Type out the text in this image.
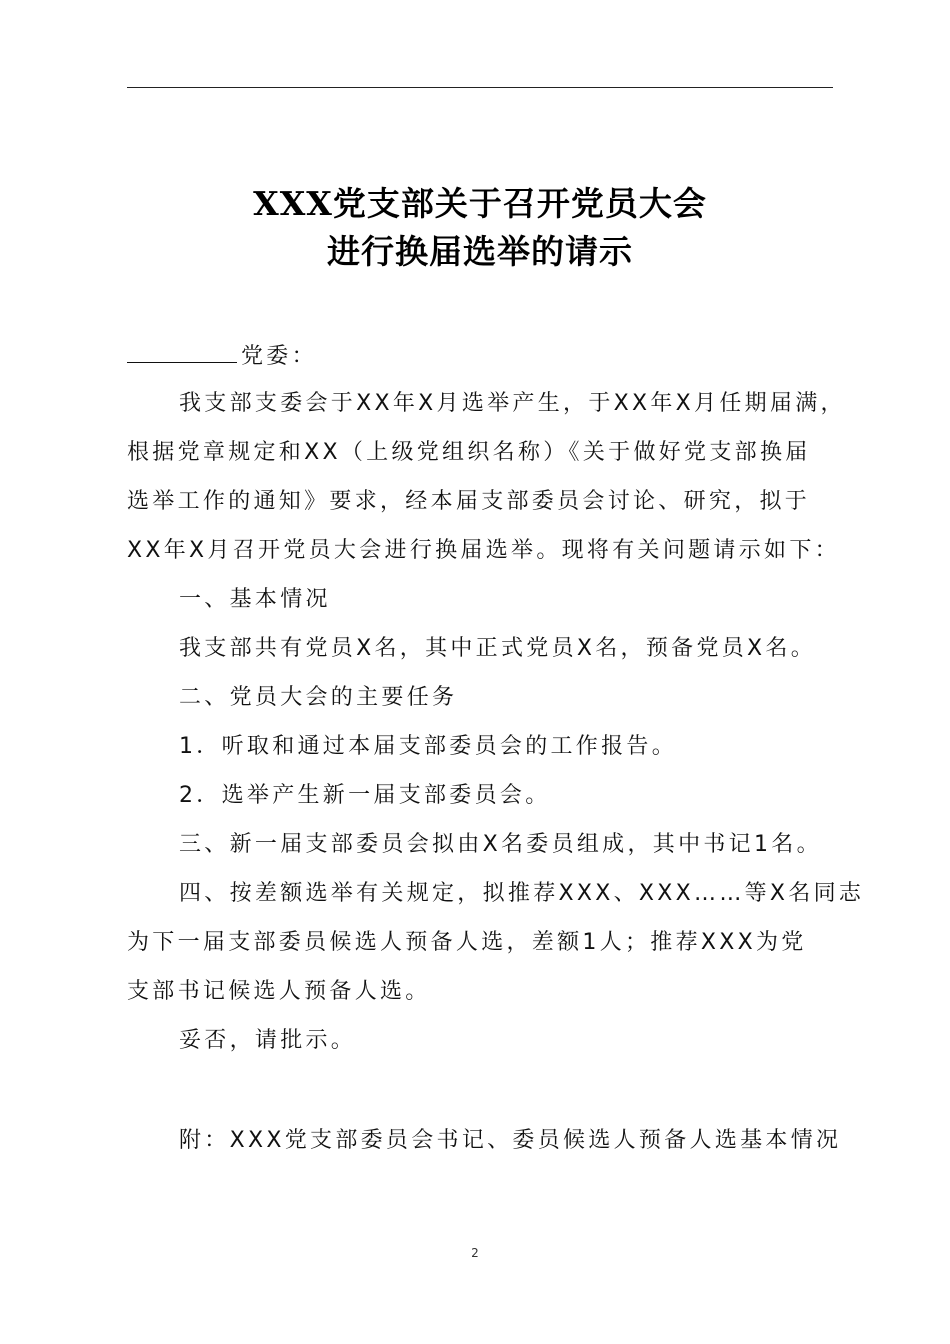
XXX党支部关于召开党员大会
进行换届选举的请示
党委：
我支部支委会于XX年X月选举产生，于XX年X月任期届满，
根据党章规定和XX（上级党组织名称）《关于做好党支部换届
选举工作的通知》要求，经本届支部委员会讨论、研究，拟于
XX年X月召开党员大会进行换届选举。现将有关问题请示如下：
一、基本情况
我支部共有党员X名，其中正式党员X名，预备党员X名。
二、党员大会的主要任务
1．听取和通过本届支部委员会的工作报告。
2．选举产生新一届支部委员会。
三、新一届支部委员会拟由X名委员组成，其中书记1名。
四、按差额选举有关规定，拟推荐XXX、XXX……等X名同志
为下一届支部委员候选人预备人选，差额1人；推荐XXX为党
支部书记候选人预备人选。
妥否，请批示。
附：XXX党支部委员会书记、委员候选人预备人选基本情况
2
